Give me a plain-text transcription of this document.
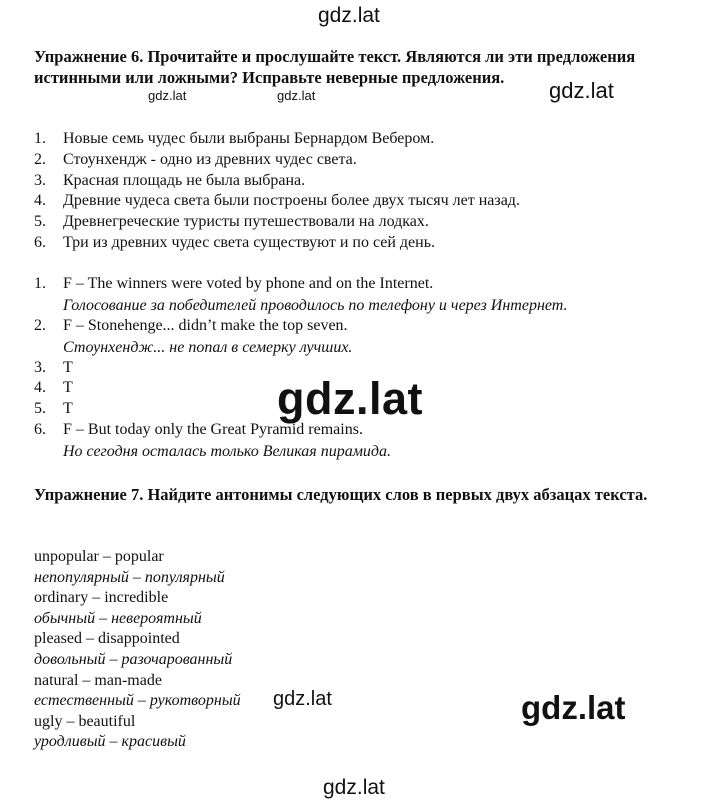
gdz.lat
gdz.lat
Упражнение 6. Прочитайте и прослушайте текст. Являются ли эти предложения истинными или ложными? Исправьте неверные предложения.
gdz.lat	gdz.lat
1.	Новые семь чудес были выбраны Бернардом Вебером.
2.	Стоунхендж - одно из древних чудес света.
3.	Красная площадь не была выбрана.
4.	Древние чудеса света были построены более двух тысяч лет назад.
5.	Древнегреческие туристы путешествовали на лодках.
6.	Три из древних чудес света существуют и по сей день.
1.	F – The winners were voted by phone and on the Internet.
Голосование за победителей проводилось по телефону и через Интернет.
2.	F – Stonehenge... didn’t make the top seven.
Стоунхендж... не попал в семерку лучших.
3.	T
4.	T
5.	T
6.	F – But today only the Great Pyramid remains.
Но сегодня осталась только Великая пирамида.
gdz.lat
Упражнение 7. Найдите антонимы следующих слов в первых двух абзацах текста.
unpopular – popular
непопулярный – популярный
ordinary – incredible
обычный – невероятный
pleased – disappointed
довольный – разочарованный
natural – man-made
естественный – рукотворный
ugly – beautiful
уродливый – красивый
gdz.lat	gdz.lat
gdz.lat
